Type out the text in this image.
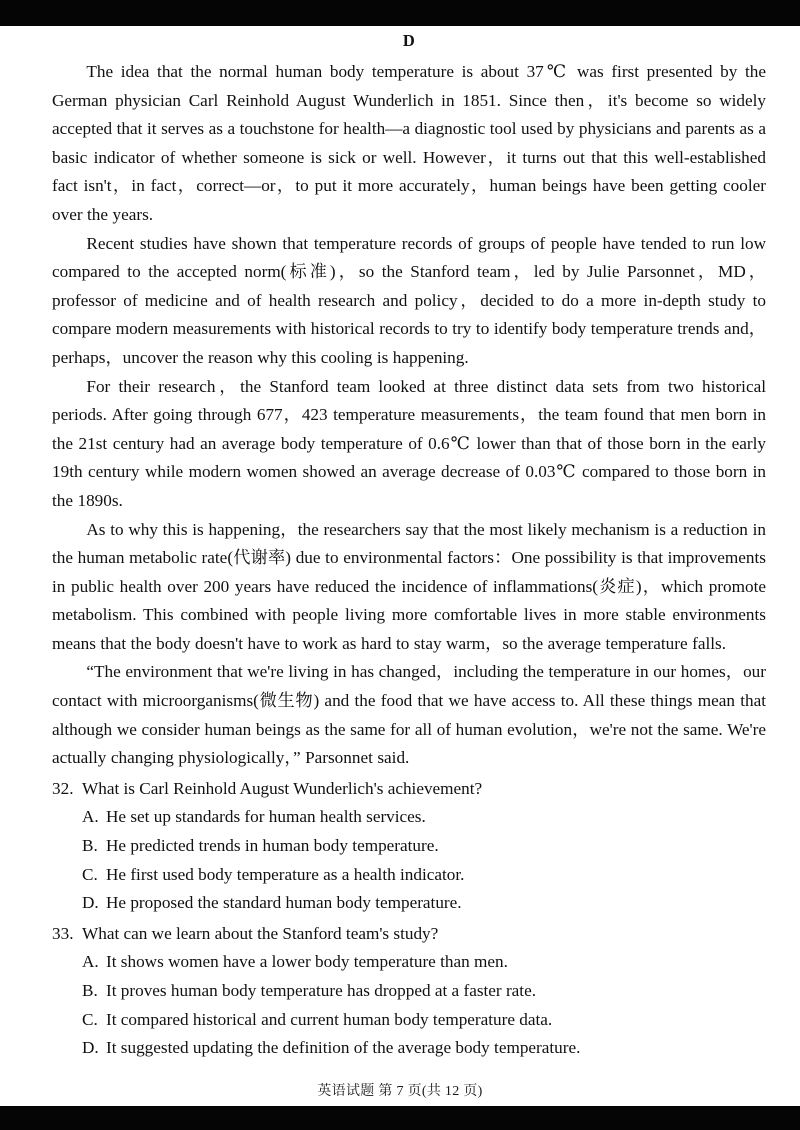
D

The idea that the normal human body temperature is about 37℃ was first presented by the German physician Carl Reinhold August Wunderlich in 1851. Since then，it's become so widely accepted that it serves as a touchstone for health—a diagnostic tool used by physicians and parents as a basic indicator of whether someone is sick or well. However，it turns out that this well-established fact isn't，in fact，correct—or，to put it more accurately，human beings have been getting cooler over the years.

Recent studies have shown that temperature records of groups of people have tended to run low compared to the accepted norm(标准)，so the Stanford team，led by Julie Parsonnet，MD，professor of medicine and of health research and policy，decided to do a more in-depth study to compare modern measurements with historical records to try to identify body temperature trends and，perhaps，uncover the reason why this cooling is happening.

For their research，the Stanford team looked at three distinct data sets from two historical periods. After going through 677，423 temperature measurements，the team found that men born in the 21st century had an average body temperature of 0.6℃ lower than that of those born in the early 19th century while modern women showed an average decrease of 0.03℃ compared to those born in the 1890s.

As to why this is happening，the researchers say that the most likely mechanism is a reduction in the human metabolic rate(代谢率) due to environmental factors：One possibility is that improvements in public health over 200 years have reduced the incidence of inflammations(炎症)，which promote metabolism. This combined with people living more comfortable lives in more stable environments means that the body doesn't have to work as hard to stay warm，so the average temperature falls.

“The environment that we're living in has changed，including the temperature in our homes，our contact with microorganisms(微生物) and the food that we have access to. All these things mean that although we consider human beings as the same for all of human evolution，we're not the same. We're actually changing physiologically，” Parsonnet said.

32. What is Carl Reinhold August Wunderlich's achievement?
A. He set up standards for human health services.
B. He predicted trends in human body temperature.
C. He first used body temperature as a health indicator.
D. He proposed the standard human body temperature.
33. What can we learn about the Stanford team's study?
A. It shows women have a lower body temperature than men.
B. It proves human body temperature has dropped at a faster rate.
C. It compared historical and current human body temperature data.
D. It suggested updating the definition of the average body temperature.
英语试题 第 7 页(共 12 页)
